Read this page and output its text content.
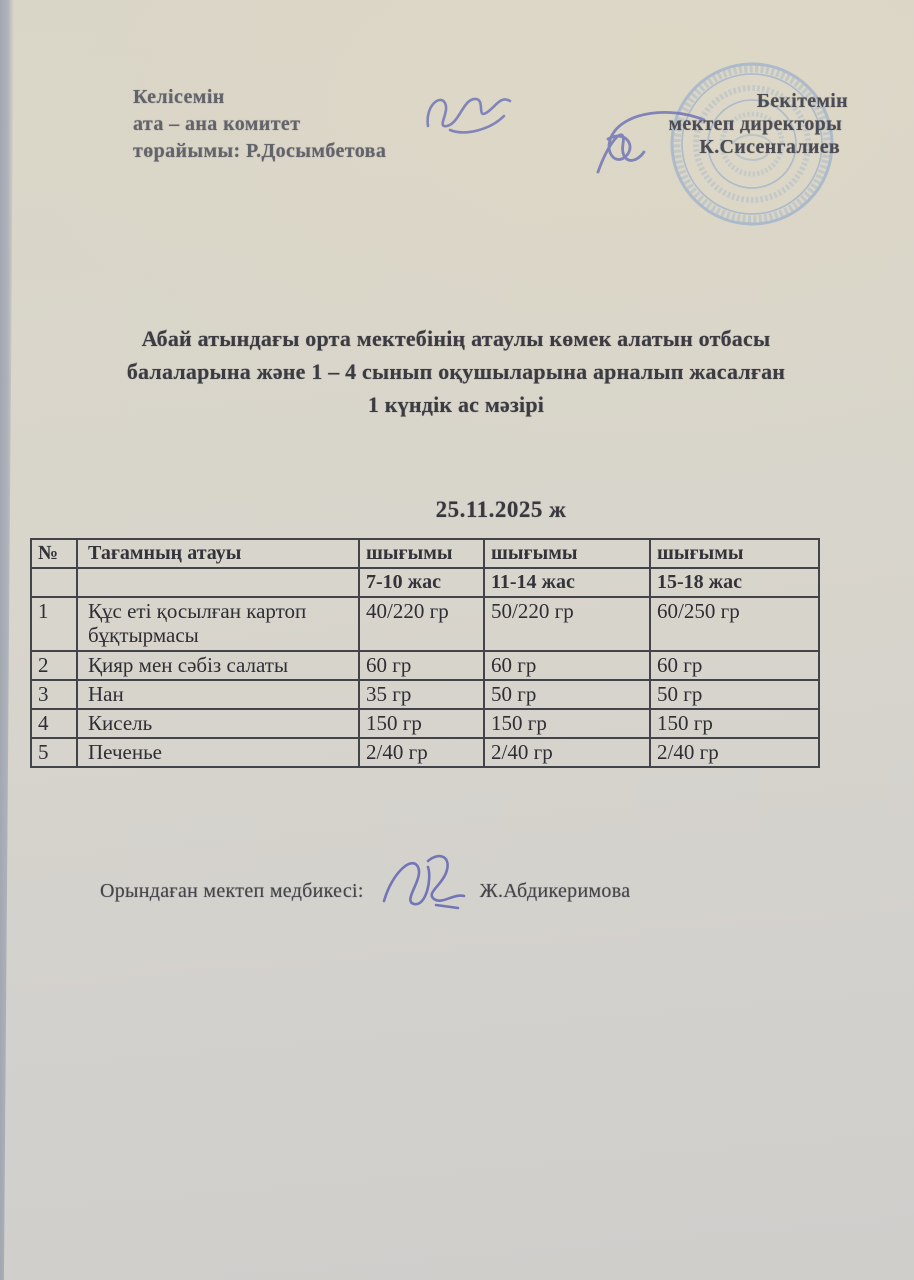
Келісемін
ата – ана комитет
төрайымы: Р.Досымбетова
Бекітемін
мектеп директоры
К.Сисенгалиев
Абай атындағы орта мектебінің атаулы көмек алатын отбасы
балаларына және 1 – 4 сынып оқушыларына арналып жасалған
1 күндік ас мәзірі
25.11.2025 ж
№	Тағамның атауы	шығымы	шығымы	шығымы
		7-10 жас	11-14 жас	15-18 жас
1	Құс еті қосылған картоп бұқтырмасы	40/220 гр	50/220 гр	60/250 гр
2	Қияр мен сәбіз салаты	60 гр	60 гр	60 гр
3	Нан	35 гр	50 гр	50 гр
4	Кисель	150 гр	150 гр	150 гр
5	Печенье	2/40 гр	2/40 гр	2/40 гр
Орындаған мектеп медбикесі:	Ж.Абдикеримова
